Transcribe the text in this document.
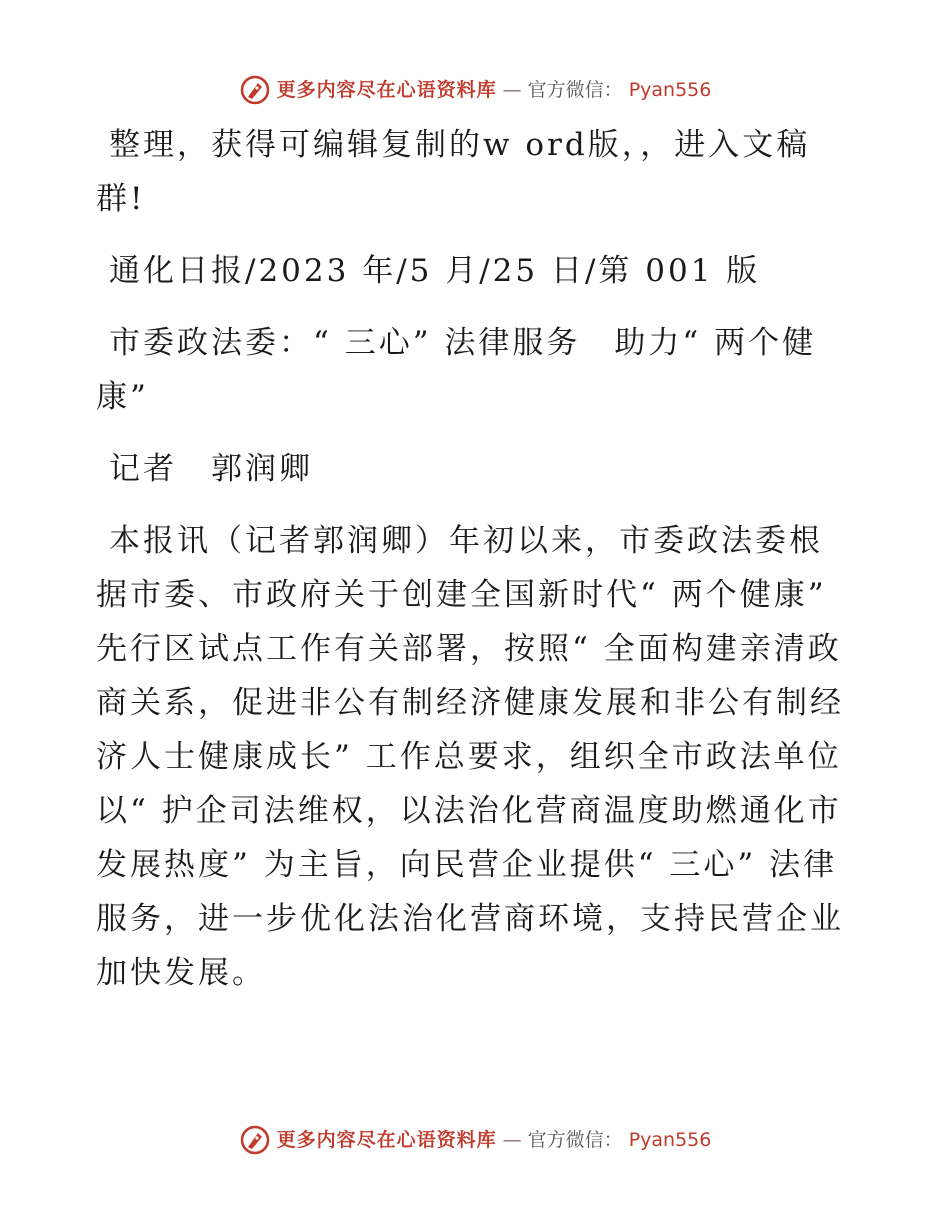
更多内容尽在心语资料库 — 官方微信： Pyan556

整理，获得可编辑复制的w ord版，，进入文稿群!

通化日报/2023 年/5 月/25 日/第 001 版

市委政法委：“ 三心” 法律服务　助力“ 两个健康”

记者　郭润卿

本报讯（记者郭润卿）年初以来，市委政法委根据市委、市政府关于创建全国新时代“ 两个健康” 先行区试点工作有关部署，按照“ 全面构建亲清政商关系，促进非公有制经济健康发展和非公有制经济人士健康成长” 工作总要求，组织全市政法单位以“ 护企司法维权，以法治化营商温度助燃通化市发展热度” 为主旨，向民营企业提供“ 三心” 法律服务，进一步优化法治化营商环境，支持民营企业加快发展。

更多内容尽在心语资料库 — 官方微信： Pyan556
